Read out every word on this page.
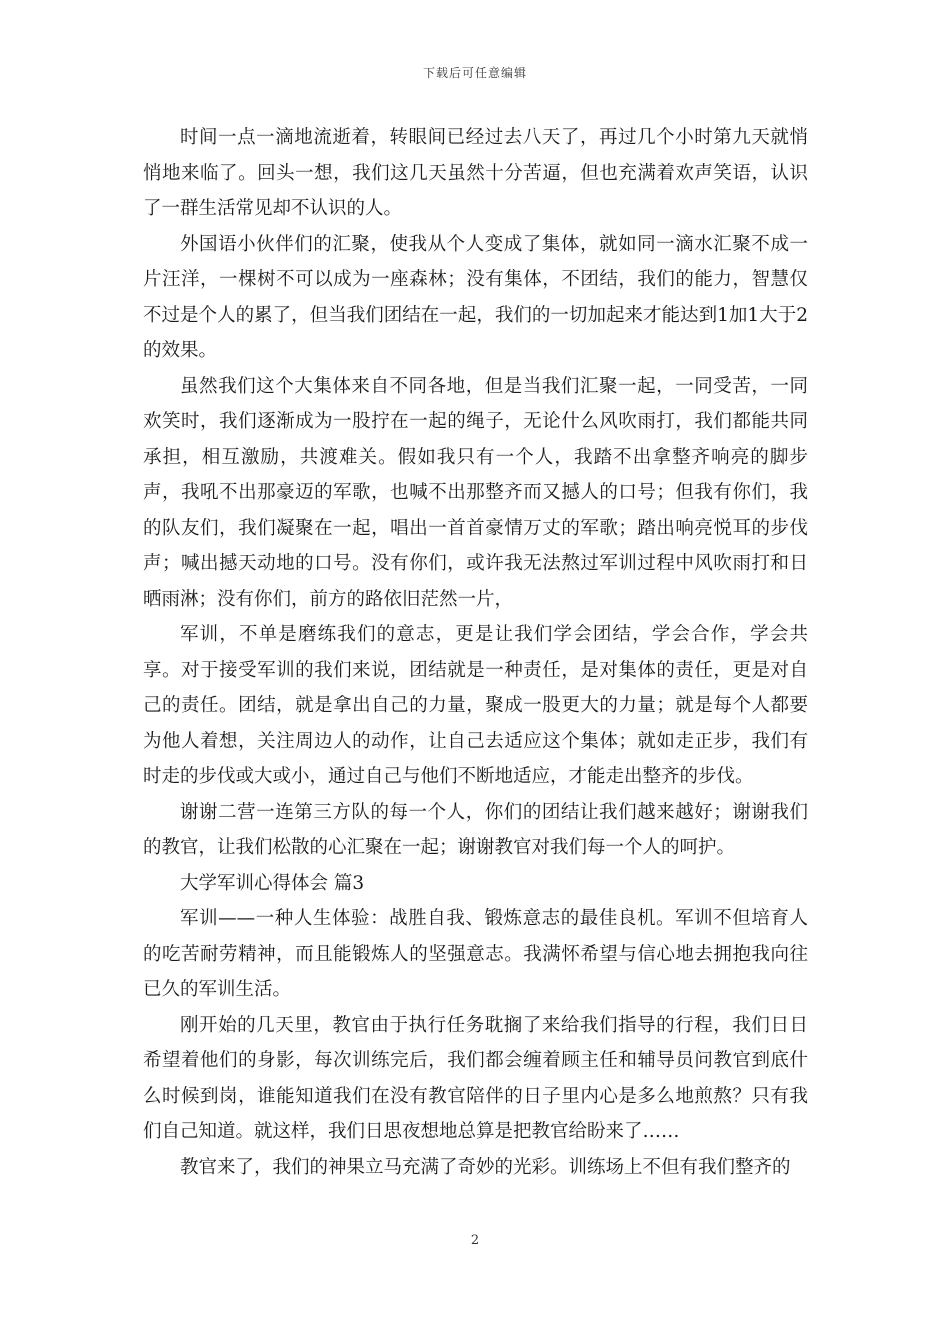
下载后可任意编辑

时间一点一滴地流逝着，转眼间已经过去八天了，再过几个小时第九天就悄悄地来临了。回头一想，我们这几天虽然十分苦逼，但也充满着欢声笑语，认识了一群生活常见却不认识的人。

外国语小伙伴们的汇聚，使我从个人变成了集体，就如同一滴水汇聚不成一片汪洋，一棵树不可以成为一座森林；没有集体，不团结，我们的能力，智慧仅不过是个人的累了，但当我们团结在一起，我们的一切加起来才能达到1加1大于2的效果。

虽然我们这个大集体来自不同各地，但是当我们汇聚一起，一同受苦，一同欢笑时，我们逐渐成为一股拧在一起的绳子，无论什么风吹雨打，我们都能共同承担，相互激励，共渡难关。假如我只有一个人，我踏不出拿整齐响亮的脚步声，我吼不出那豪迈的军歌，也喊不出那整齐而又撼人的口号；但我有你们，我的队友们，我们凝聚在一起，唱出一首首豪情万丈的军歌；踏出响亮悦耳的步伐声；喊出撼天动地的口号。没有你们，或许我无法熬过军训过程中风吹雨打和日晒雨淋；没有你们，前方的路依旧茫然一片，

军训，不单是磨练我们的意志，更是让我们学会团结，学会合作，学会共享。对于接受军训的我们来说，团结就是一种责任，是对集体的责任，更是对自己的责任。团结，就是拿出自己的力量，聚成一股更大的力量；就是每个人都要为他人着想，关注周边人的动作，让自己去适应这个集体；就如走正步，我们有时走的步伐或大或小，通过自己与他们不断地适应，才能走出整齐的步伐。

谢谢二营一连第三方队的每一个人，你们的团结让我们越来越好；谢谢我们的教官，让我们松散的心汇聚在一起；谢谢教官对我们每一个人的呵护。

大学军训心得体会 篇3

军训——一种人生体验：战胜自我、锻炼意志的最佳良机。军训不但培育人的吃苦耐劳精神，而且能锻炼人的坚强意志。我满怀希望与信心地去拥抱我向往已久的军训生活。

刚开始的几天里，教官由于执行任务耽搁了来给我们指导的行程，我们日日希望着他们的身影，每次训练完后，我们都会缠着顾主任和辅导员问教官到底什么时候到岗，谁能知道我们在没有教官陪伴的日子里内心是多么地煎熬？只有我们自己知道。就这样，我们日思夜想地总算是把教官给盼来了……

教官来了，我们的神果立马充满了奇妙的光彩。训练场上不但有我们整齐的

2
